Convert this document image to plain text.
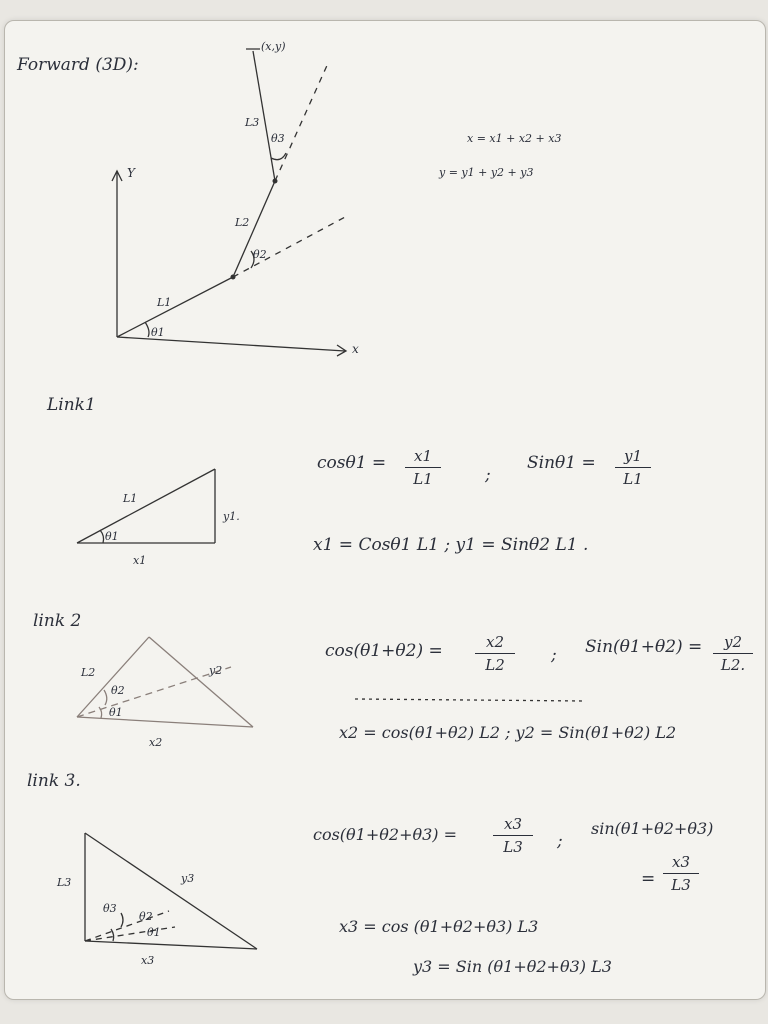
Forward (3D):
(x,y)
Y
x
L1
L2
L3
θ1
θ2
θ3	x = x1 + x2 + x3
y = y1 + y2 + y3
Link1
L1
y1.
x1
θ1
cosθ1 = x1
L1	;
Sinθ1 = y1
L1
x1 = Cosθ1 L1 ; y1 = Sinθ2 L1 .
link 2
L2	y2
x2
θ1
θ2
cos(θ1+θ2) =	x2
L2	; Sin(θ1+θ2) = y2
L2.
x2 = cos(θ1+θ2) L2 ; y2 = Sin(θ1+θ2) L2
link 3.
L3	y3
x3
θ1
θ2
θ3
cos(θ1+θ2+θ3) =
x3
L3 ;
sin(θ1+θ2+θ3)
=
x3
L3
x3 = cos (θ1+θ2+θ3) L3
y3 = Sin (θ1+θ2+θ3) L3
